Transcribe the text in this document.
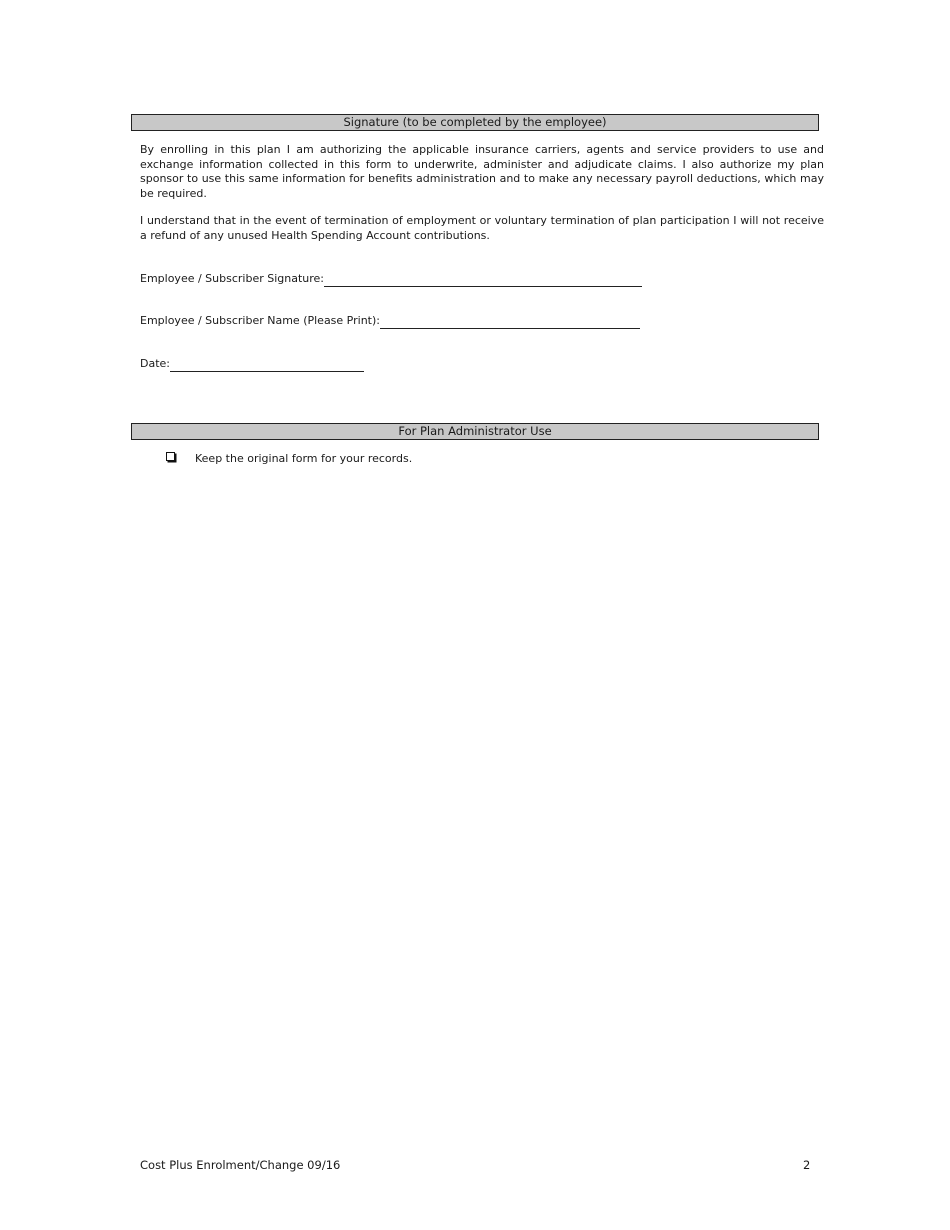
Signature (to be completed by the employee)

By enrolling in this plan I am authorizing the applicable insurance carriers, agents and service providers to use and exchange information collected in this form to underwrite, administer and adjudicate claims. I also authorize my plan sponsor to use this same information for benefits administration and to make any necessary payroll deductions, which may be required.

I understand that in the event of termination of employment or voluntary termination of plan participation I will not receive a refund of any unused Health Spending Account contributions.

Employee / Subscriber Signature:
Employee / Subscriber Name (Please Print):
Date:
For Plan Administrator Use
Keep the original form for your records.
Cost Plus Enrolment/Change 09/16	2
